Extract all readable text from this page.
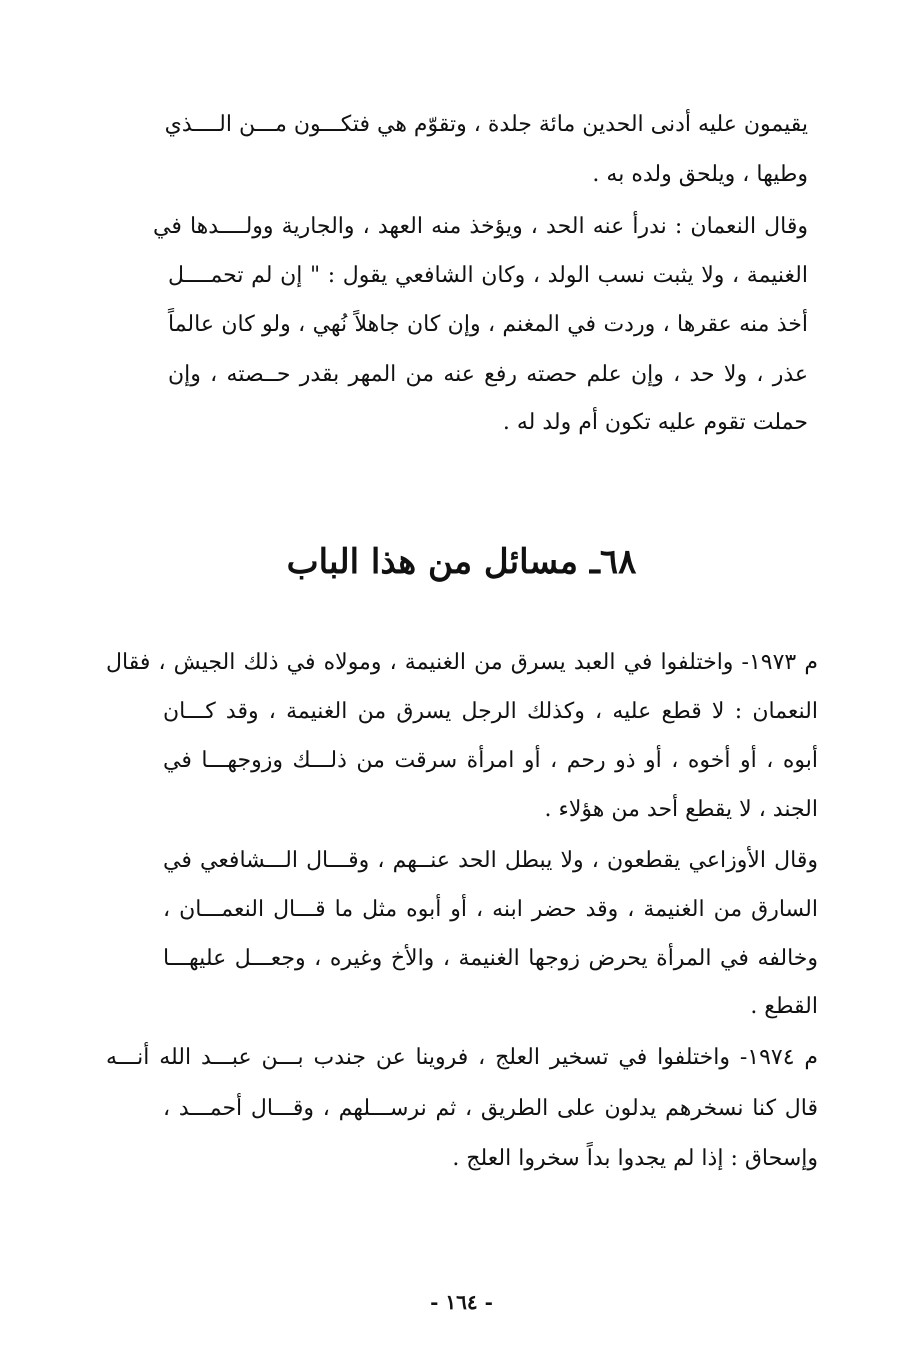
يقيمون عليه أدنى الحدين مائة جلدة ، وتقوّم هي فتكـــون مـــن الــــذي
وطيها ، ويلحق ولده به .
وقال النعمان : ندرأ عنه الحد ، ويؤخذ منه العهد ، والجارية وولــــدها في
الغنيمة ، ولا يثبت نسب الولد ، وكان الشافعي يقول : " إن لم تحمــــل
أخذ منه عقرها ، وردت في المغنم ، وإن كان جاهلاً نُهي ، ولو كان عالماً
عذر ، ولا حد ، وإن علم حصته رفع عنه من المهر بقدر حــصته ، وإن
حملت تقوم عليه تكون أم ولد له .
٦٨ـ مسائل من هذا الباب
م ١٩٧٣- واختلفوا في العبد يسرق من الغنيمة ، ومولاه في ذلك الجيش ، فقال
النعمان : لا قطع عليه ، وكذلك الرجل يسرق من الغنيمة ، وقد كـــان
أبوه ، أو أخوه ، أو ذو رحم ، أو امرأة سرقت من ذلـــك وزوجهـــا في
الجند ، لا يقطع أحد من هؤلاء .
وقال الأوزاعي يقطعون ، ولا يبطل الحد عنــهم ، وقـــال الـــشافعي في
السارق من الغنيمة ، وقد حضر ابنه ، أو أبوه مثل ما قـــال النعمـــان ،
وخالفه في المرأة يحرض زوجها الغنيمة ، والأخ وغيره ، وجعـــل عليهـــا
القطع .
م ١٩٧٤- واختلفوا في تسخير العلج ، فروينا عن جندب بـــن عبـــد الله أنـــه
قال كنا نسخرهم يدلون على الطريق ، ثم نرســـلهم ، وقـــال أحمـــد ،
وإسحاق : إذا لم يجدوا بداً سخروا العلج .
- ١٦٤ -
